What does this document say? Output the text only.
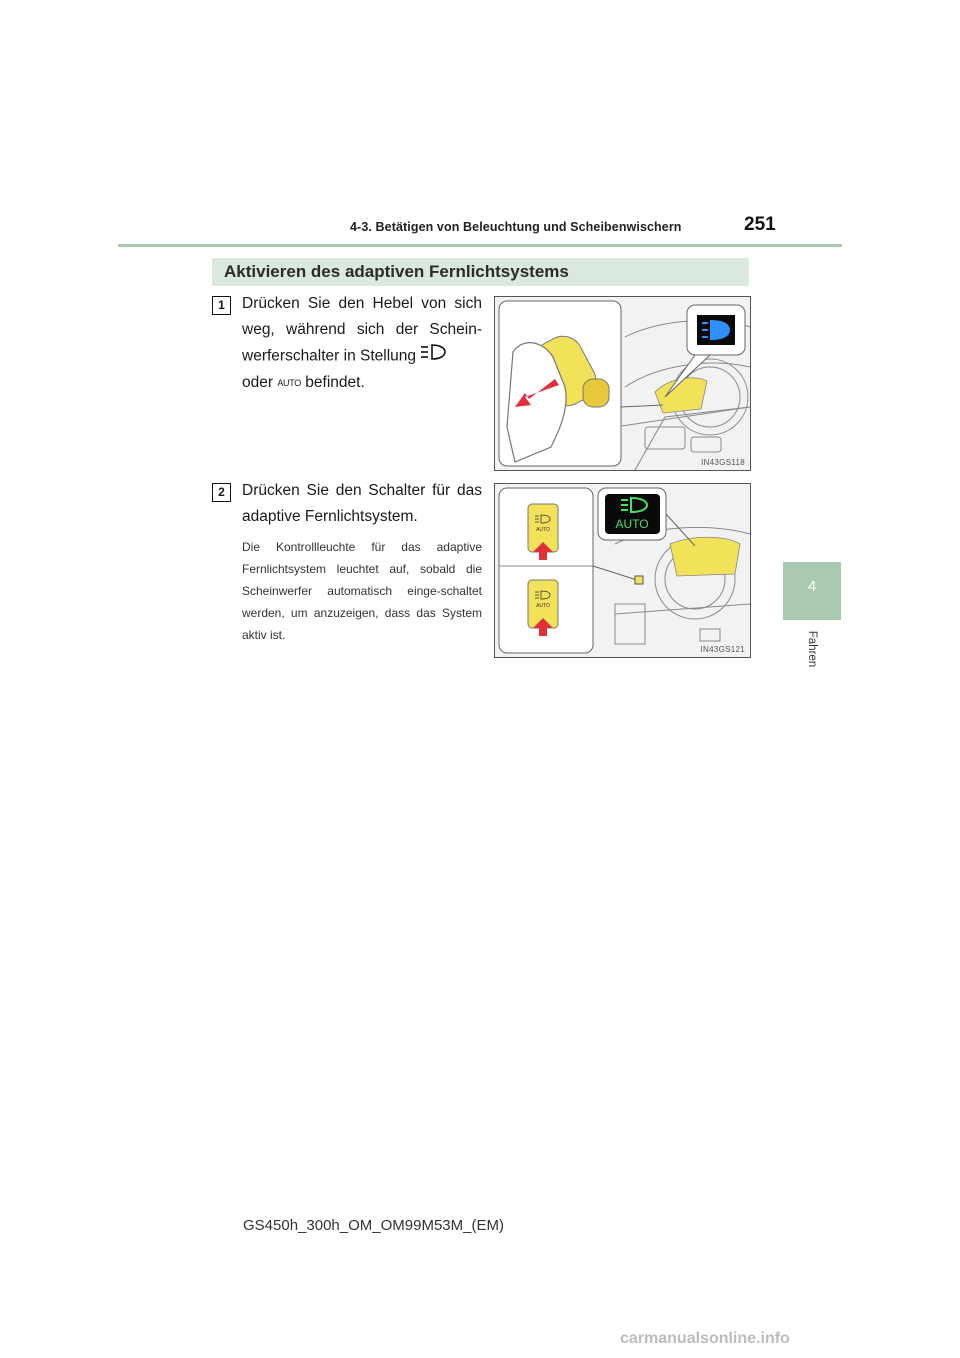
4-3. Betätigen von Beleuchtung und Scheibenwischern	251
4
Fahren
Aktivieren des adaptiven Fernlichtsystems
1	Drücken Sie den Hebel von sich weg, während sich der Schein-werferschalter in Stellung
oder AUTO befindet.
IN43GS118
2	Drücken Sie den Schalter für das adaptive Fernlichtsystem.
Die Kontrollleuchte für das adaptive Fernlichtsystem leuchtet auf, sobald die Scheinwerfer automatisch einge-schaltet werden, um anzuzeigen, dass das System aktiv ist.
AUTO
AUTO
AUTO
IN43GS121
GS450h_300h_OM_OM99M53M_(EM)
carmanualsonline.info
